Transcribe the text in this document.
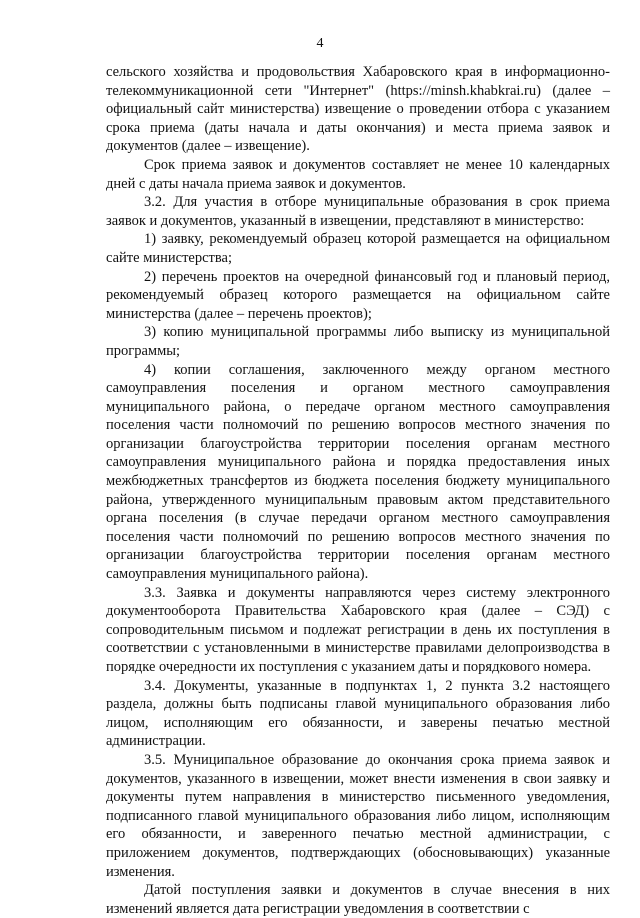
4

сельского хозяйства и продовольствия Хабаровского края в информационно-телекоммуникационной сети "Интернет" (https://minsh.khabkrai.ru) (далее – официальный сайт министерства) извещение о проведении отбора с указанием срока приема (даты начала и даты окончания) и места приема заявок и документов (далее – извещение).

Срок приема заявок и документов составляет не менее 10 календарных дней с даты начала приема заявок и документов.

3.2. Для участия в отборе муниципальные образования в срок приема заявок и документов, указанный в извещении, представляют в министерство:

1) заявку, рекомендуемый образец которой размещается на официальном сайте министерства;

2) перечень проектов на очередной финансовый год и плановый период, рекомендуемый образец которого размещается на официальном сайте министерства (далее – перечень проектов);

3) копию муниципальной программы либо выписку из муниципальной программы;

4) копии соглашения, заключенного между органом местного самоуправления поселения и органом местного самоуправления муниципального района, о передаче органом местного самоуправления поселения части полномочий по решению вопросов местного значения по организации благоустройства территории поселения органам местного самоуправления муниципального района и порядка предоставления иных межбюджетных трансфертов из бюджета поселения бюджету муниципального района, утвержденного муниципальным правовым актом представительного органа поселения (в случае передачи органом местного самоуправления поселения части полномочий по решению вопросов местного значения по организации благоустройства территории поселения органам местного самоуправления муниципального района).

3.3. Заявка и документы направляются через систему электронного документооборота Правительства Хабаровского края (далее – СЭД) с сопроводительным письмом и подлежат регистрации в день их поступления в соответствии с установленными в министерстве правилами делопроизводства в порядке очередности их поступления с указанием даты и порядкового номера.

3.4. Документы, указанные в подпунктах 1, 2 пункта 3.2 настоящего раздела, должны быть подписаны главой муниципального образования либо лицом, исполняющим его обязанности, и заверены печатью местной администрации.

3.5. Муниципальное образование до окончания срока приема заявок и документов, указанного в извещении, может внести изменения в свои заявку и документы путем направления в министерство письменного уведомления, подписанного главой муниципального образования либо лицом, исполняющим его обязанности, и заверенного печатью местной администрации, с приложением документов, подтверждающих (обосновывающих) указанные изменения.

Датой поступления заявки и документов в случае внесения в них изменений является дата регистрации уведомления в соответствии с
